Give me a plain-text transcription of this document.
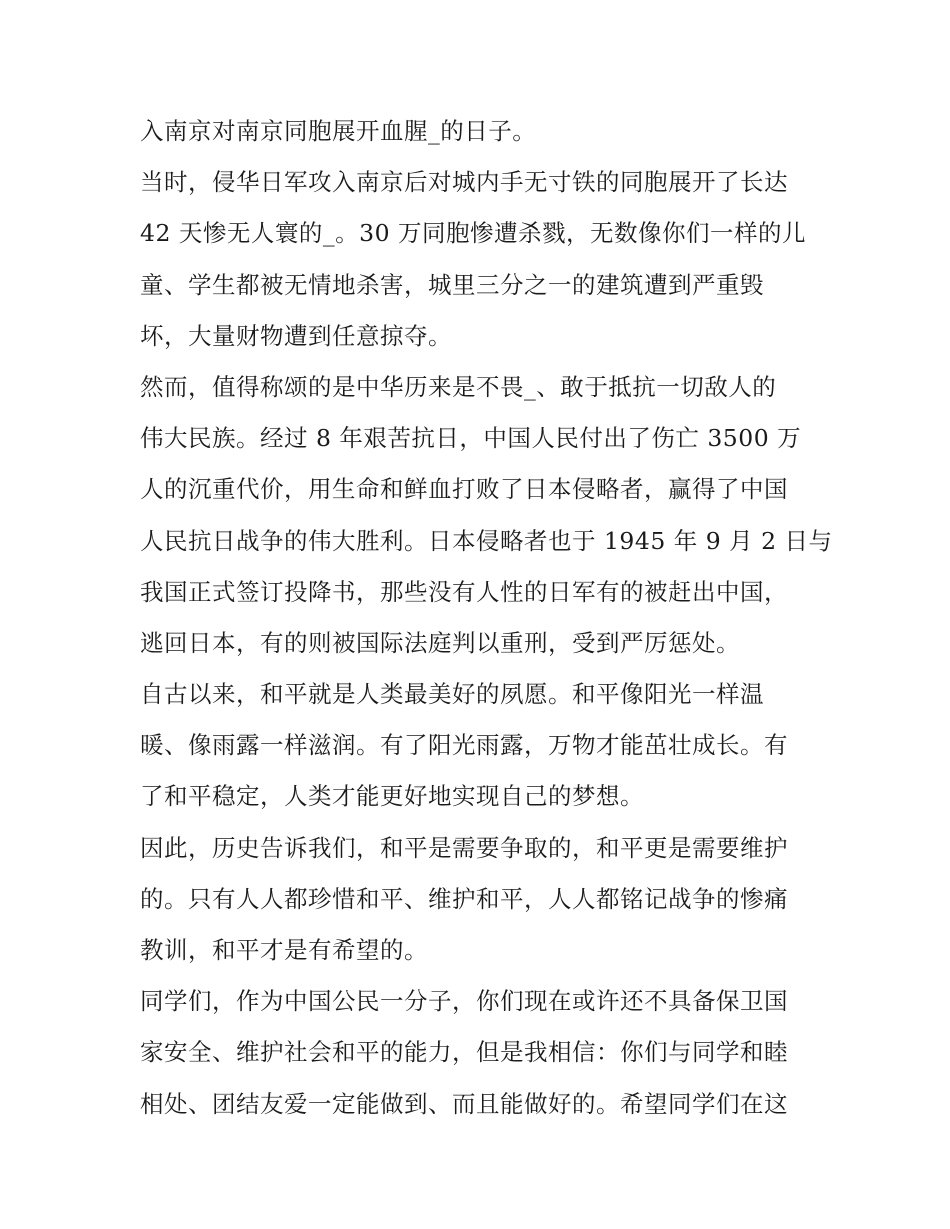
入南京对南京同胞展开血腥_的日子。
当时，侵华日军攻入南京后对城内手无寸铁的同胞展开了长达
42 天惨无人寰的_。30 万同胞惨遭杀戮，无数像你们一样的儿
童、学生都被无情地杀害，城里三分之一的建筑遭到严重毁
坏，大量财物遭到任意掠夺。
然而，值得称颂的是中华历来是不畏_、敢于抵抗一切敌人的
伟大民族。经过 8 年艰苦抗日，中国人民付出了伤亡 3500 万
人的沉重代价，用生命和鲜血打败了日本侵略者，赢得了中国
人民抗日战争的伟大胜利。日本侵略者也于 1945 年 9 月 2 日与
我国正式签订投降书，那些没有人性的日军有的被赶出中国，
逃回日本，有的则被国际法庭判以重刑，受到严厉惩处。
自古以来，和平就是人类最美好的夙愿。和平像阳光一样温
暖、像雨露一样滋润。有了阳光雨露，万物才能茁壮成长。有
了和平稳定，人类才能更好地实现自己的梦想。
因此，历史告诉我们，和平是需要争取的，和平更是需要维护
的。只有人人都珍惜和平、维护和平，人人都铭记战争的惨痛
教训，和平才是有希望的。
同学们，作为中国公民一分子，你们现在或许还不具备保卫国
家安全、维护社会和平的能力，但是我相信：你们与同学和睦
相处、团结友爱一定能做到、而且能做好的。希望同学们在这
